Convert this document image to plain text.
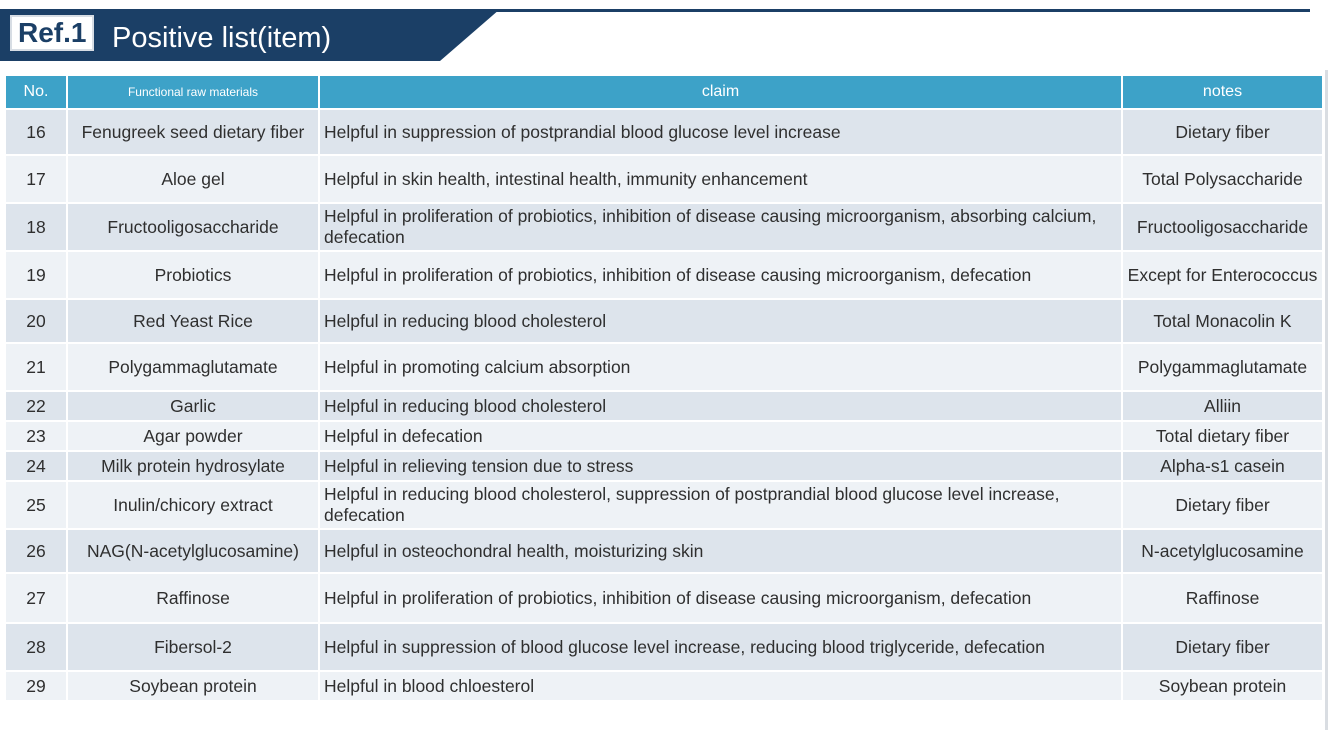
Ref.1 Positive list(item)
No.	Functional raw materials	claim	notes
16	Fenugreek seed dietary fiber	Helpful in suppression of postprandial blood glucose level increase	Dietary fiber
17	Aloe gel	Helpful in skin health, intestinal health, immunity enhancement	Total Polysaccharide
18	Fructooligosaccharide	Helpful in proliferation of probiotics, inhibition of disease causing microorganism, absorbing calcium, defecation	Fructooligosaccharide
19	Probiotics	Helpful in proliferation of probiotics, inhibition of disease causing microorganism, defecation	Except for Enterococcus
20	Red Yeast Rice	Helpful in reducing blood cholesterol	Total Monacolin K
21	Polygammaglutamate	Helpful in promoting calcium absorption	Polygammaglutamate
22	Garlic	Helpful in reducing blood cholesterol	Alliin
23	Agar powder	Helpful in defecation	Total dietary fiber
24	Milk protein hydrosylate	Helpful in relieving tension due to stress	Alpha-s1 casein
25	Inulin/chicory extract	Helpful in reducing blood cholesterol, suppression of postprandial blood glucose level increase, defecation	Dietary fiber
26	NAG(N-acetylglucosamine)	Helpful in osteochondral health, moisturizing skin	N-acetylglucosamine
27	Raffinose	Helpful in proliferation of probiotics, inhibition of disease causing microorganism, defecation	Raffinose
28	Fibersol-2	Helpful in suppression of blood glucose level increase, reducing blood triglyceride, defecation	Dietary fiber
29	Soybean protein	Helpful in blood chloesterol	Soybean protein
